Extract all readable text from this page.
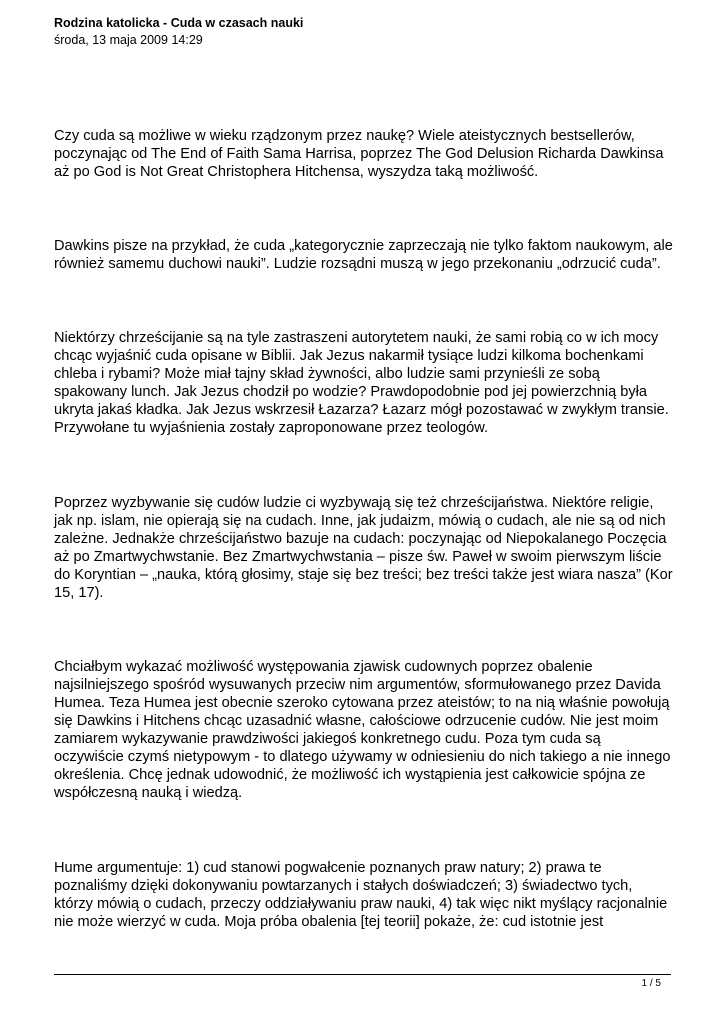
Rodzina katolicka - Cuda w czasach nauki
środa, 13 maja 2009 14:29

Czy cuda są możliwe w wieku rządzonym przez naukę? Wiele ateistycznych bestsellerów,
poczynając od The End of Faith Sama Harrisa, poprzez The God Delusion Richarda Dawkinsa
aż po God is Not Great Christophera Hitchensa, wyszydza taką możliwość.

Dawkins pisze na przykład, że cuda „kategorycznie zaprzeczają nie tylko faktom naukowym, ale
również samemu duchowi nauki”. Ludzie rozsądni muszą w jego przekonaniu „odrzucić cuda”.

Niektórzy chrześcijanie są na tyle zastraszeni autorytetem nauki, że sami robią co w ich mocy
chcąc wyjaśnić cuda opisane w Biblii. Jak Jezus nakarmił tysiące ludzi kilkoma bochenkami
chleba i rybami? Może miał tajny skład żywności, albo ludzie sami przynieśli ze sobą
spakowany lunch. Jak Jezus chodził po wodzie? Prawdopodobnie pod jej powierzchnią była
ukryta jakaś kładka. Jak Jezus wskrzesił Łazarza? Łazarz mógł pozostawać w zwykłym transie.
Przywołane tu wyjaśnienia zostały zaproponowane przez teologów.

Poprzez wyzbywanie się cudów ludzie ci wyzbywają się też chrześcijaństwa. Niektóre religie,
jak np. islam, nie opierają się na cudach. Inne, jak judaizm, mówią o cudach, ale nie są od nich
zależne. Jednakże chrześcijaństwo bazuje na cudach: poczynając od Niepokalanego Poczęcia
aż po Zmartwychwstanie. Bez Zmartwychwstania – pisze św. Paweł w swoim pierwszym liście
do Koryntian – „nauka, którą głosimy, staje się bez treści; bez treści także jest wiara nasza” (Kor
15, 17).

Chciałbym wykazać możliwość występowania zjawisk cudownych poprzez obalenie
najsilniejszego spośród wysuwanych przeciw nim argumentów, sformułowanego przez Davida
Humea. Teza Humea jest obecnie szeroko cytowana przez ateistów; to na nią właśnie powołują
się Dawkins i Hitchens chcąc uzasadnić własne, całościowe odrzucenie cudów. Nie jest moim
zamiarem wykazywanie prawdziwości jakiegoś konkretnego cudu. Poza tym cuda są
oczywiście czymś nietypowym - to dlatego używamy w odniesieniu do nich takiego a nie innego
określenia. Chcę jednak udowodnić, że możliwość ich wystąpienia jest całkowicie spójna ze
współczesną nauką i wiedzą.

Hume argumentuje: 1) cud stanowi pogwałcenie poznanych praw natury; 2) prawa te
poznaliśmy dzięki dokonywaniu powtarzanych i stałych doświadczeń; 3) świadectwo tych,
którzy mówią o cudach, przeczy oddziaływaniu praw nauki, 4) tak więc nikt myślący racjonalnie
nie może wierzyć w cuda. Moja próba obalenia [tej teorii] pokaże, że: cud istotnie jest

1 / 5
